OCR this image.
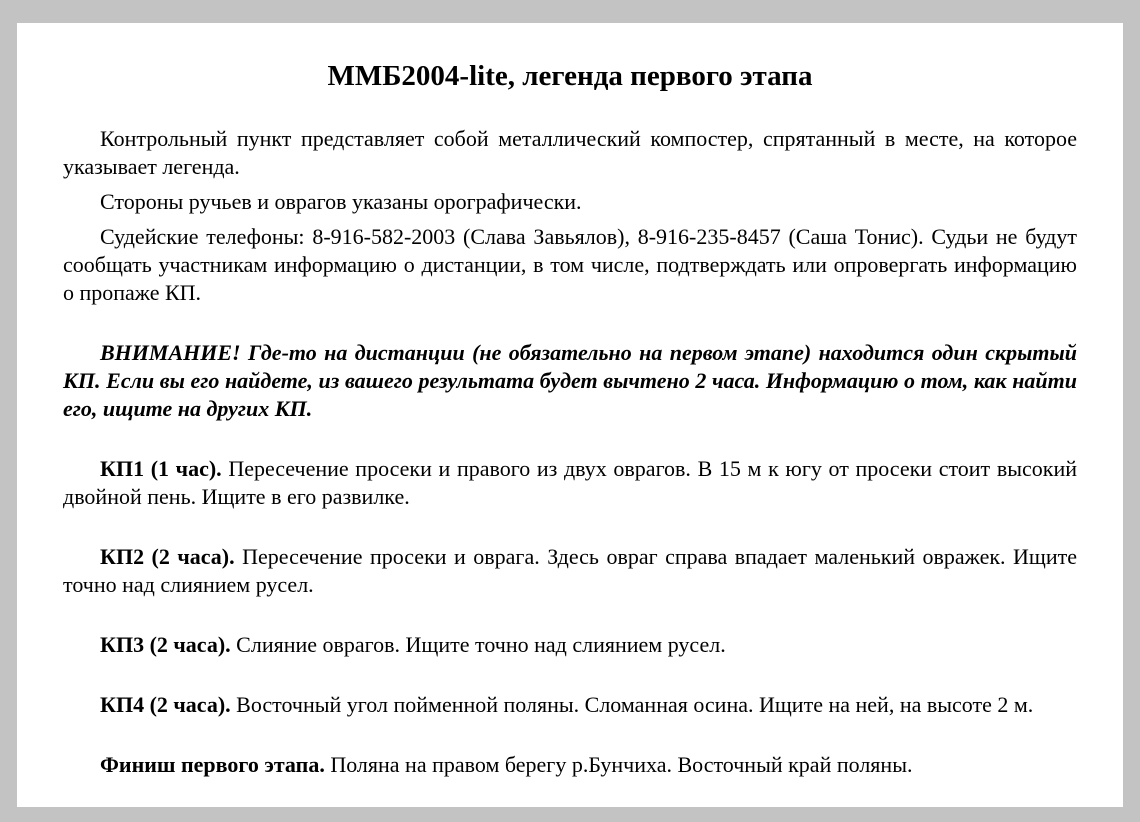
ММБ2004-lite, легенда первого этапа

Контрольный пункт представляет собой металлический компостер, спрятанный в месте, на которое указывает легенда.

Стороны ручьев и оврагов указаны орографически.

Судейские телефоны: 8-916-582-2003 (Слава Завьялов), 8-916-235-8457 (Саша Тонис). Судьи не будут сообщать участникам информацию о дистанции, в том числе, подтверждать или опровергать информацию о пропаже КП.

ВНИМАНИЕ! Где-то на дистанции (не обязательно на первом этапе) находится один скрытый КП. Если вы его найдете, из вашего результата будет вычтено 2 часа. Информацию о том, как найти его, ищите на других КП.

КП1 (1 час). Пересечение просеки и правого из двух оврагов. В 15 м к югу от просеки стоит высокий двойной пень. Ищите в его развилке.

КП2 (2 часа). Пересечение просеки и оврага. Здесь овраг справа впадает маленький овражек. Ищите точно над слиянием русел.

КП3 (2 часа). Слияние оврагов. Ищите точно над слиянием русел.

КП4 (2 часа). Восточный угол пойменной поляны. Сломанная осина. Ищите на ней, на высоте 2 м.

Финиш первого этапа. Поляна на правом берегу р.Бунчиха. Восточный край поляны.
